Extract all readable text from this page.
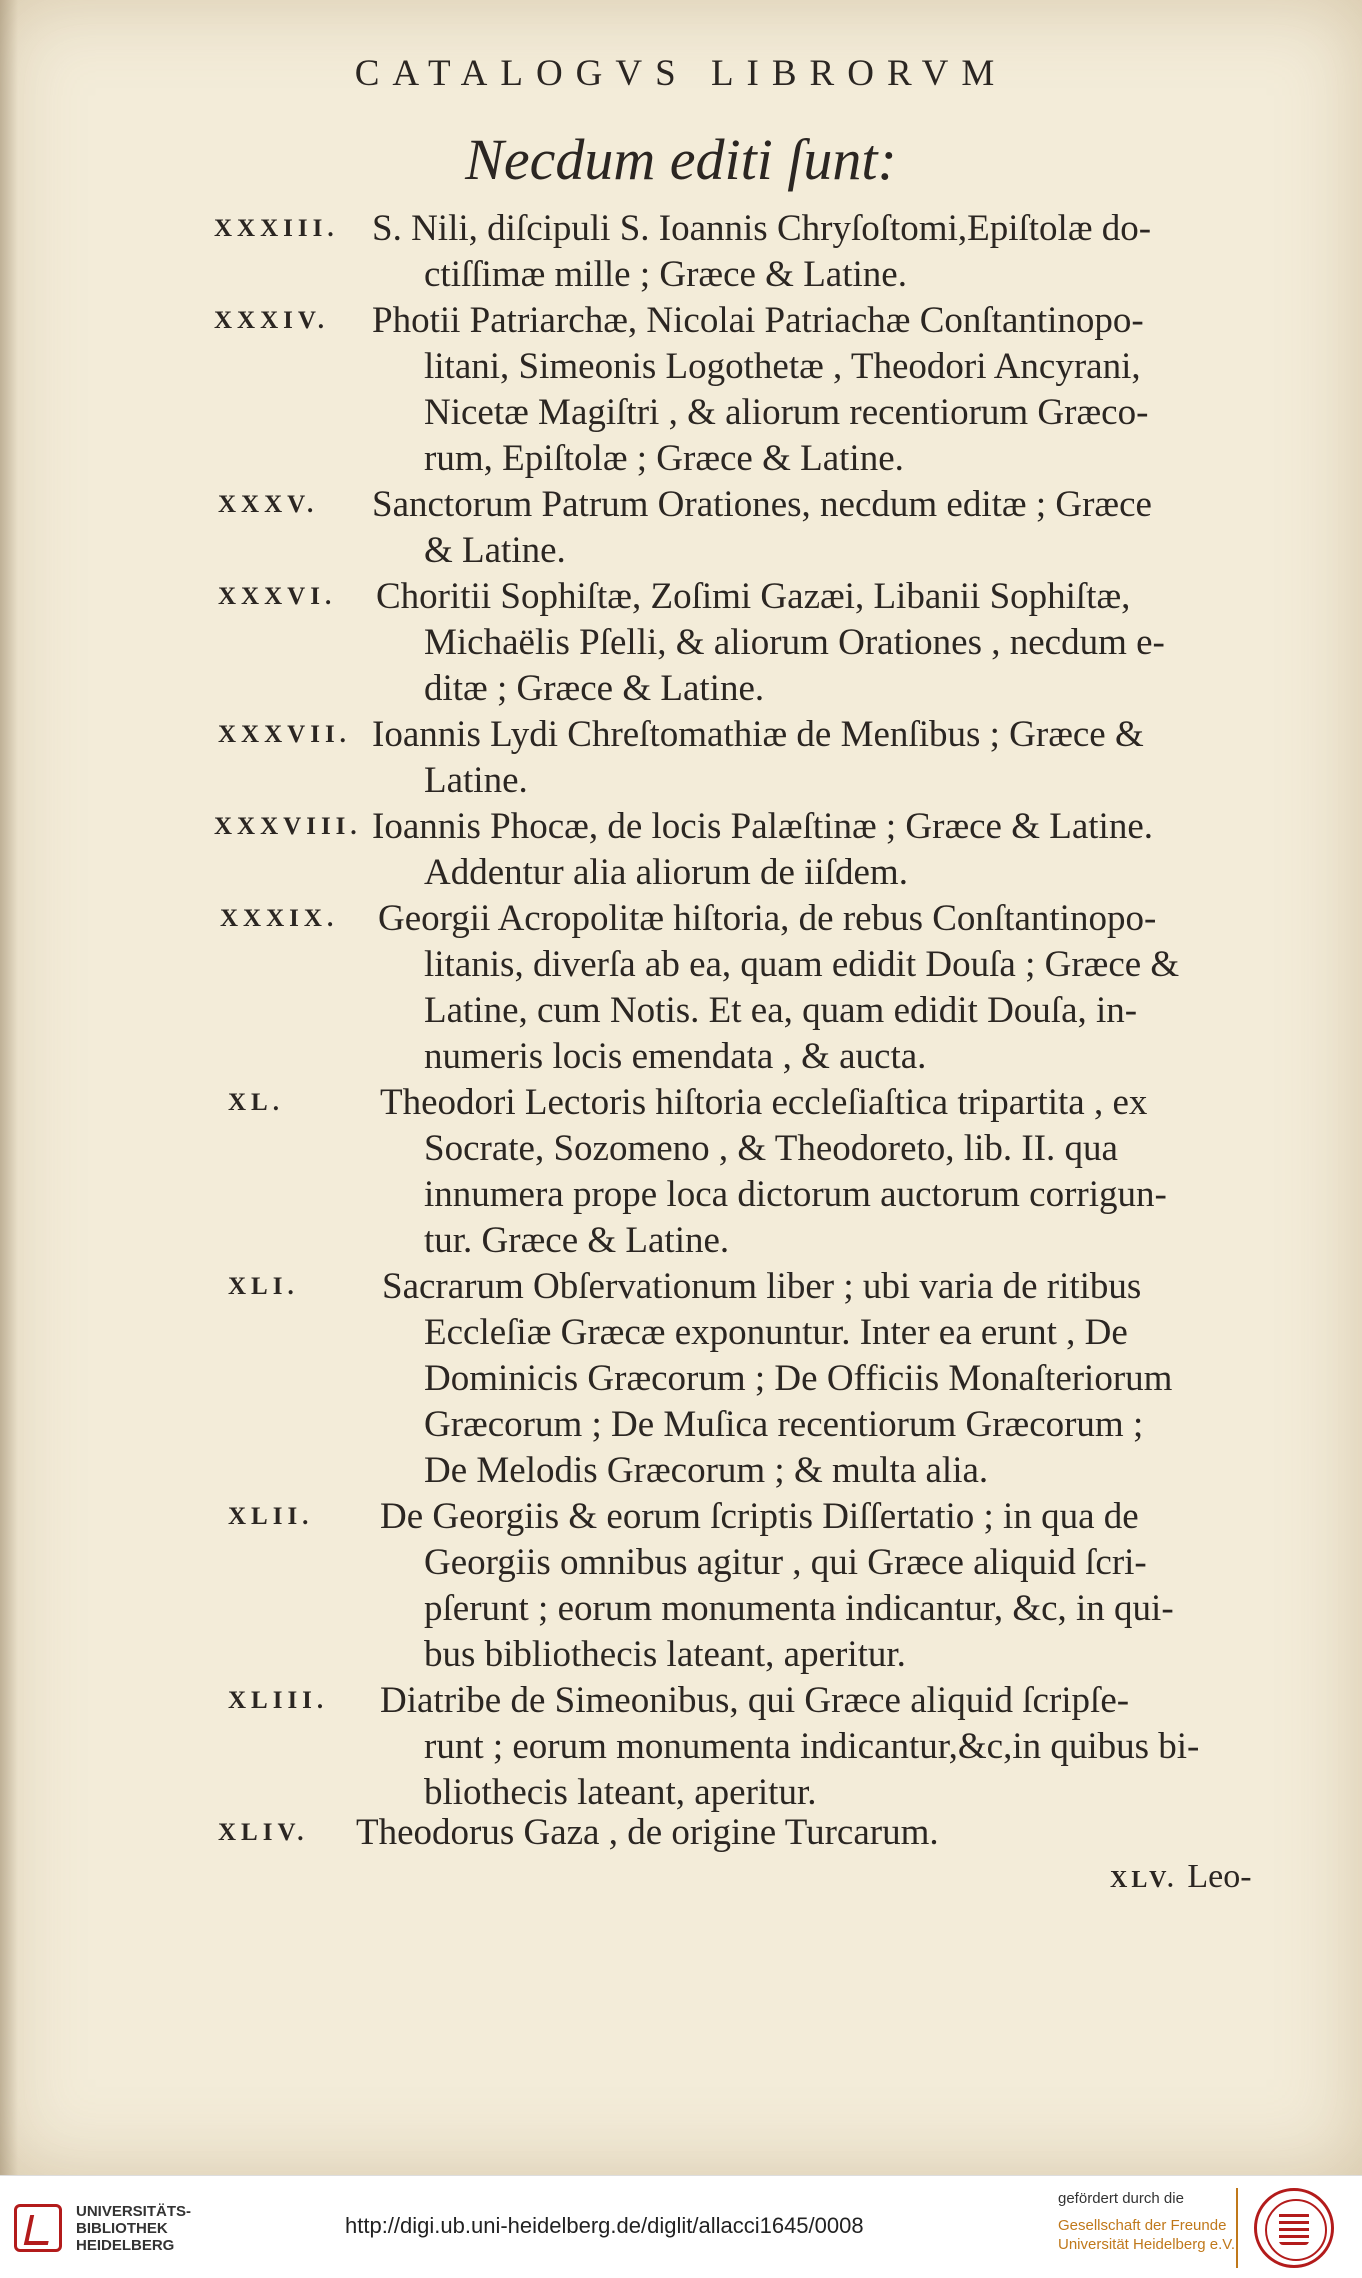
CATALOGVS LIBRORVM
Necdum editi ſunt:
XXXIII. S. Nili, diſcipuli S. Ioannis Chryſoſtomi,Epiſtolæ do-
ctiſſimæ mille ; Græce & Latine.
XXXIV. Photii Patriarchæ, Nicolai Patriachæ Conſtantinopo-
litani, Simeonis Logothetæ , Theodori Ancyrani,
Nicetæ Magiſtri , & aliorum recentiorum Græco-
rum, Epiſtolæ ; Græce & Latine.
XXXV. Sanctorum Patrum Orationes, necdum editæ ; Græce
& Latine.
XXXVI. Choritii Sophiſtæ, Zoſimi Gazæi, Libanii Sophiſtæ,
Michaëlis Pſelli, & aliorum Orationes , necdum e-
ditæ ; Græce & Latine.
XXXVII. Ioannis Lydi Chreſtomathiæ de Menſibus ; Græce &
Latine.
XXXVIII. Ioannis Phocæ, de locis Palæſtinæ ; Græce & Latine.
Addentur alia aliorum de iiſdem.
XXXIX. Georgii Acropolitæ hiſtoria, de rebus Conſtantinopo-
litanis, diverſa ab ea, quam edidit Douſa ; Græce &
Latine, cum Notis. Et ea, quam edidit Douſa, in-
numeris locis emendata , & aucta.
XL.	Theodori Lectoris hiſtoria eccleſiaſtica tripartita , ex
Socrate, Sozomeno , & Theodoreto, lib. II. qua
innumera prope loca dictorum auctorum corrigun-
tur. Græce & Latine.
XLI. Sacrarum Obſervationum liber ; ubi varia de ritibus
Eccleſiæ Græcæ exponuntur. Inter ea erunt , De
Dominicis Græcorum ; De Officiis Monaſteriorum
Græcorum ; De Muſica recentiorum Græcorum ;
De Melodis Græcorum ; & multa alia.
XLII. De Georgiis & eorum ſcriptis Diſſertatio ; in qua de
Georgiis omnibus agitur , qui Græce aliquid ſcri-
pſerunt ; eorum monumenta indicantur, &c, in qui-
bus bibliothecis lateant, aperitur.
XLIII. Diatribe de Simeonibus, qui Græce aliquid ſcripſe-
runt ; eorum monumenta indicantur,&c,in quibus bi-
bliothecis lateant, aperitur.
XLIV. Theodorus Gaza , de origine Turcarum.
XLV. Leo-
UNIVERSITÄTS-
BIBLIOTHEK
HEIDELBERG
http://digi.ub.uni-heidelberg.de/diglit/allacci1645/0008
gefördert durch die
Gesellschaft der Freunde
Universität Heidelberg e.V.
